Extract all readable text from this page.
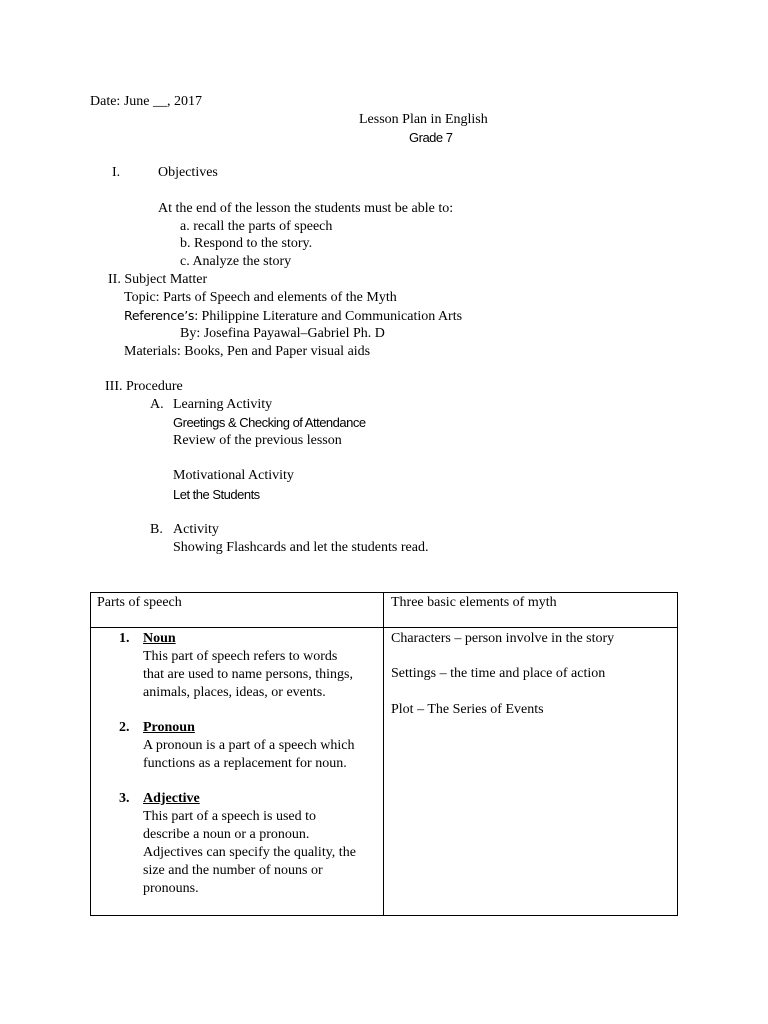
Date: June __, 2017
Lesson Plan in English
Grade 7
I.	Objectives
At the end of the lesson the students must be able to:
a. recall the parts of speech
b. Respond to the story.
c. Analyze the story
II. Subject Matter
Topic: Parts of Speech and elements of the Myth
Reference’s: Philippine Literature and Communication Arts
By: Josefina Payawal–Gabriel Ph. D
Materials: Books, Pen and Paper visual aids
III. Procedure
A. Learning Activity
Greetings & Checking of Attendance
Review of the previous lesson
Motivational Activity
Let the Students
B. Activity
Showing Flashcards and let the students read.
Parts of speech	Three basic elements of myth
1. Noun
This part of speech refers to words
that are used to name persons, things,
animals, places, ideas, or events.
2. Pronoun
A pronoun is a part of a speech which
functions as a replacement for noun.
3. Adjective
This part of a speech is used to
describe a noun or a pronoun.
Adjectives can specify the quality, the
size and the number of nouns or
pronouns.
Characters – person involve in the story
Settings – the time and place of action
Plot – The Series of Events
